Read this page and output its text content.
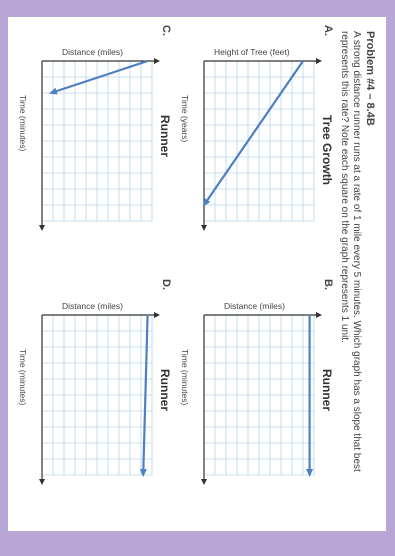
Problem #4 – 8.4B
A strong distance runner runs at a rate of 1 mile every 5 minutes. Which graph has a slope that best represents this rate? Note each square on the graph represents 1 unit.
A.
Tree Growth
Height of Tree (feet)
Time (years)
B.
Runner
Distance (miles)
Time (minutes)
C.
Runner
Distance (miles)
Time (minutes)
D.
Runner
Distance (miles)
Time (minutes)
